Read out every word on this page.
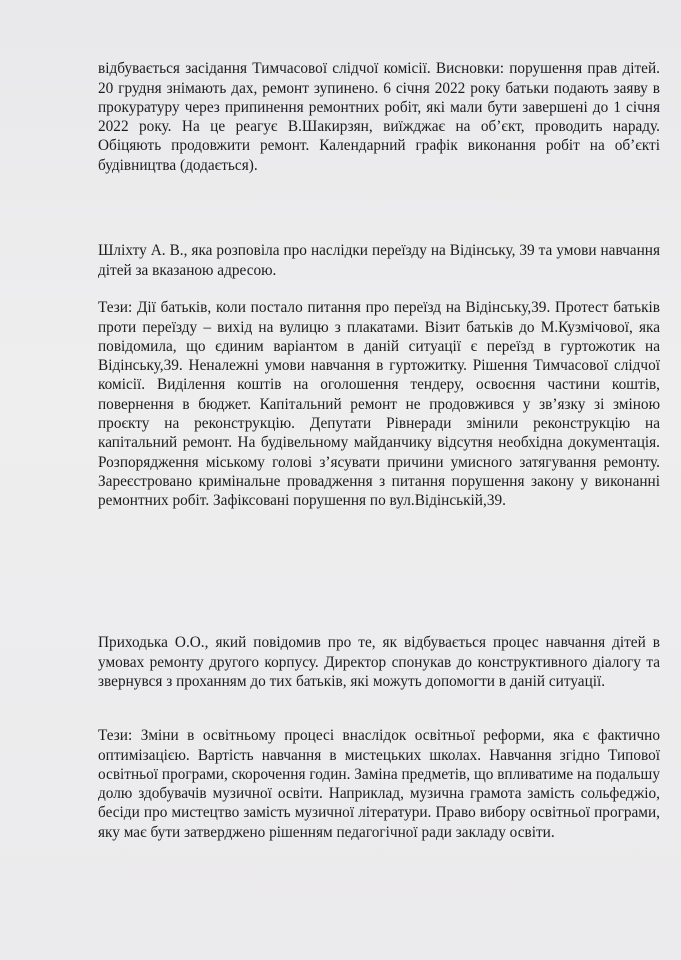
відбувається засідання Тимчасової слідчої комісії. Висновки: порушення прав дітей. 20 грудня знімають дах, ремонт зупинено. 6 січня 2022 року батьки подають заяву в прокуратуру через припинення ремонтних робіт, які мали бути завершені до 1 січня 2022 року. На це реагує В.Шакирзян, виїжджає на об’єкт, проводить нараду. Обіцяють продовжити ремонт. Календарний графік виконання робіт на об’єкті будівництва (додається).

Шліхту А. В., яка розповіла про наслідки переїзду на Відінську, 39 та умови навчання дітей за вказаною адресою.

Тези: Дії батьків, коли постало питання про переїзд на Відінську,39. Протест батьків проти переїзду – вихід на вулицю з плакатами. Візит батьків до М.Кузмічової, яка повідомила, що єдиним варіантом в даній ситуації є переїзд в гуртожотик на Відінську,39. Неналежні умови навчання в гуртожитку. Рішення Тимчасової слідчої комісії. Виділення коштів на оголошення тендеру, освоєння частини коштів, повернення в бюджет. Капітальний ремонт не продовжився у зв’язку зі зміною проєкту на реконструкцію. Депутати Рівнеради змінили реконструкцію на капітальний ремонт. На будівельному майданчику відсутня необхідна документація. Розпорядження міському голові з’ясувати причини умисного затягування ремонту. Зареєстровано кримінальне провадження з питання порушення закону у виконанні ремонтних робіт. Зафіксовані порушення по вул.Відінській,39.

Приходька О.О., який повідомив про те, як відбувається процес навчання дітей в умовах ремонту другого корпусу. Директор спонукав до конструктивного діалогу та звернувся з проханням до тих батьків, які можуть допомогти в даній ситуації.

Тези: Зміни в освітньому процесі внаслідок освітньої реформи, яка є фактично оптимізацією. Вартість навчання в мистецьких школах. Навчання згідно Типової освітньої програми, скорочення годин. Заміна предметів, що впливатиме на подальшу долю здобувачів музичної освіти. Наприклад, музична грамота замість сольфеджіо, бесіди про мистецтво замість музичної літератури. Право вибору освітньої програми, яку має бути затверджено рішенням педагогічної ради закладу освіти.
